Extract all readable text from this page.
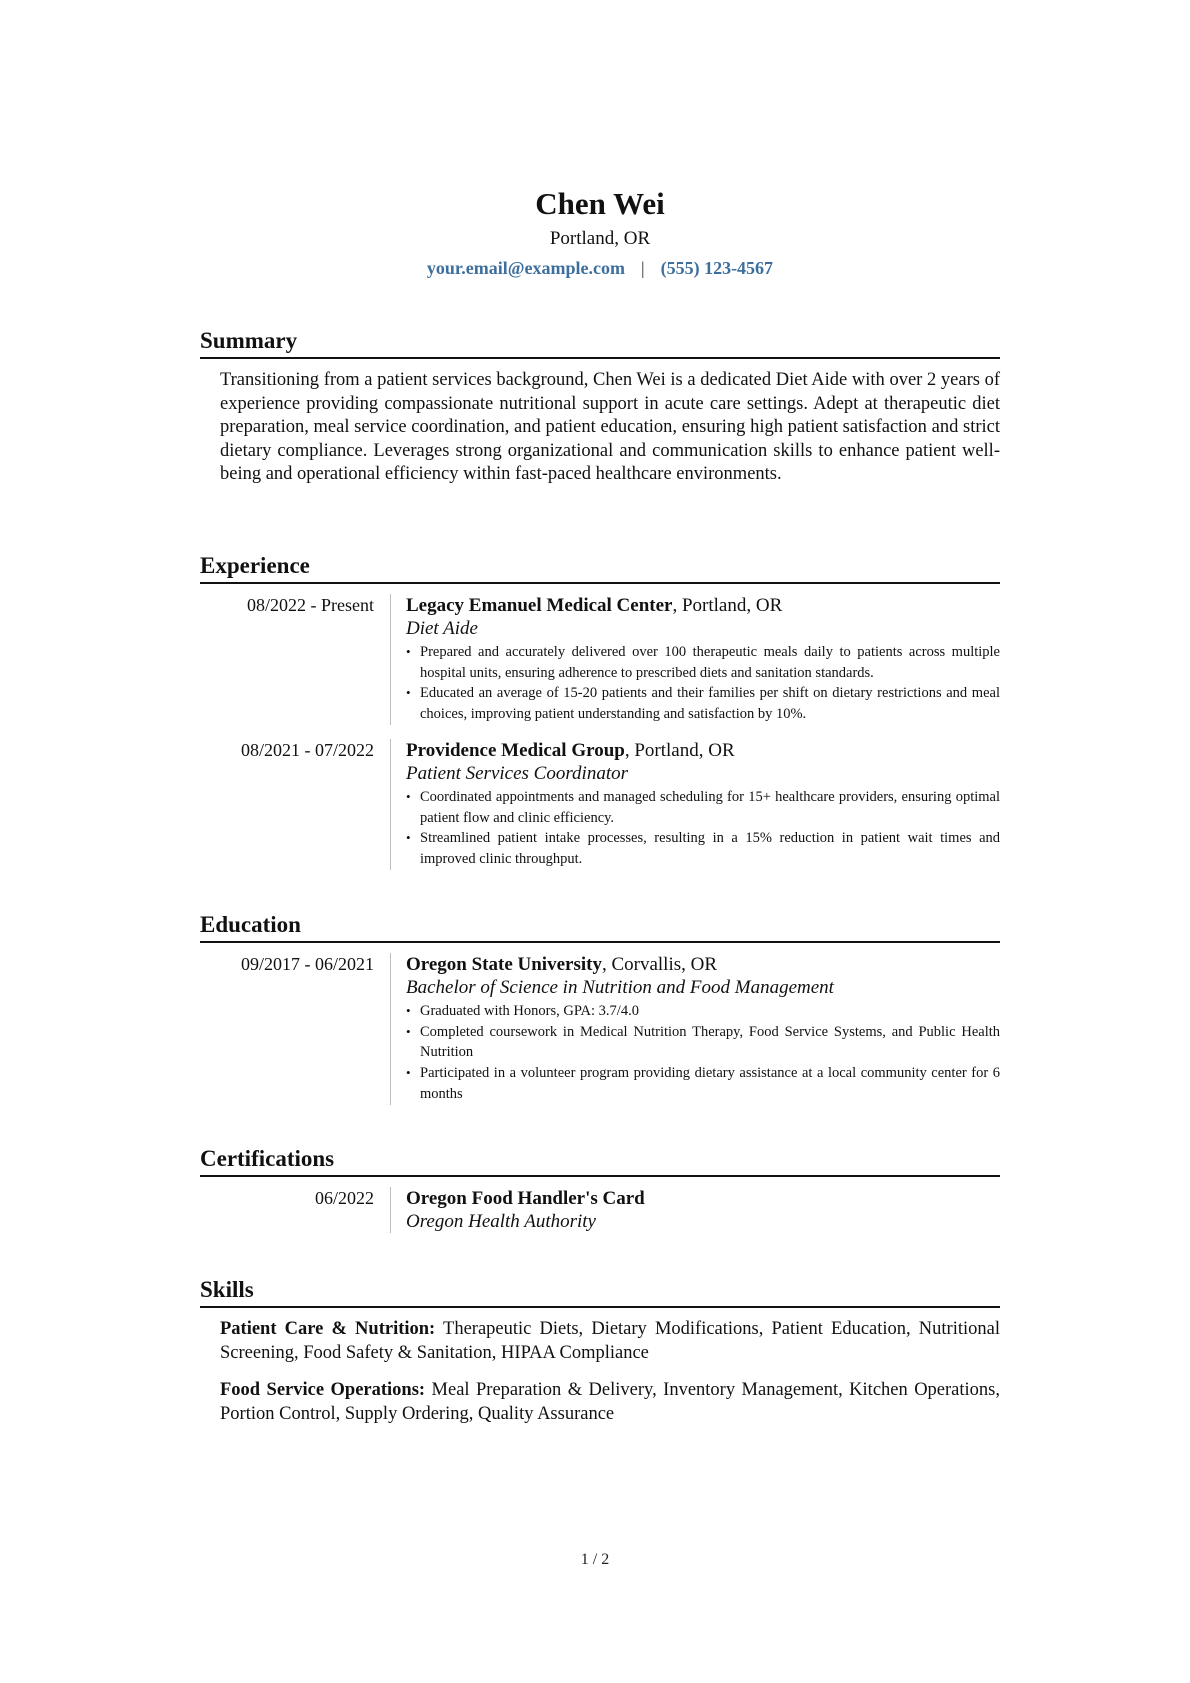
Chen Wei
Portland, OR
your.email@example.com | (555) 123-4567
Summary
Transitioning from a patient services background, Chen Wei is a dedicated Diet Aide with over 2 years of experience providing compassionate nutritional support in acute care settings. Adept at therapeutic diet preparation, meal service coordination, and patient education, ensuring high patient satisfaction and strict dietary compliance. Leverages strong organizational and communication skills to enhance patient well-being and operational efficiency within fast-paced healthcare environments.
Experience
08/2022 - Present	Legacy Emanuel Medical Center, Portland, OR
Diet Aide
• Prepared and accurately delivered over 100 therapeutic meals daily to patients across multiple hospital units, ensuring adherence to prescribed diets and sanitation standards.
• Educated an average of 15-20 patients and their families per shift on dietary restrictions and meal choices, improving patient understanding and satisfaction by 10%.
08/2021 - 07/2022	Providence Medical Group, Portland, OR
Patient Services Coordinator
• Coordinated appointments and managed scheduling for 15+ healthcare providers, ensuring optimal patient flow and clinic efficiency.
• Streamlined patient intake processes, resulting in a 15% reduction in patient wait times and improved clinic throughput.
Education
09/2017 - 06/2021	Oregon State University, Corvallis, OR
Bachelor of Science in Nutrition and Food Management
• Graduated with Honors, GPA: 3.7/4.0
• Completed coursework in Medical Nutrition Therapy, Food Service Systems, and Public Health Nutrition
• Participated in a volunteer program providing dietary assistance at a local community center for 6 months
Certifications
06/2022	Oregon Food Handler's Card
Oregon Health Authority
Skills
Patient Care & Nutrition: Therapeutic Diets, Dietary Modifications, Patient Education, Nutritional Screening, Food Safety & Sanitation, HIPAA Compliance
Food Service Operations: Meal Preparation & Delivery, Inventory Management, Kitchen Operations, Portion Control, Supply Ordering, Quality Assurance
1 / 2
